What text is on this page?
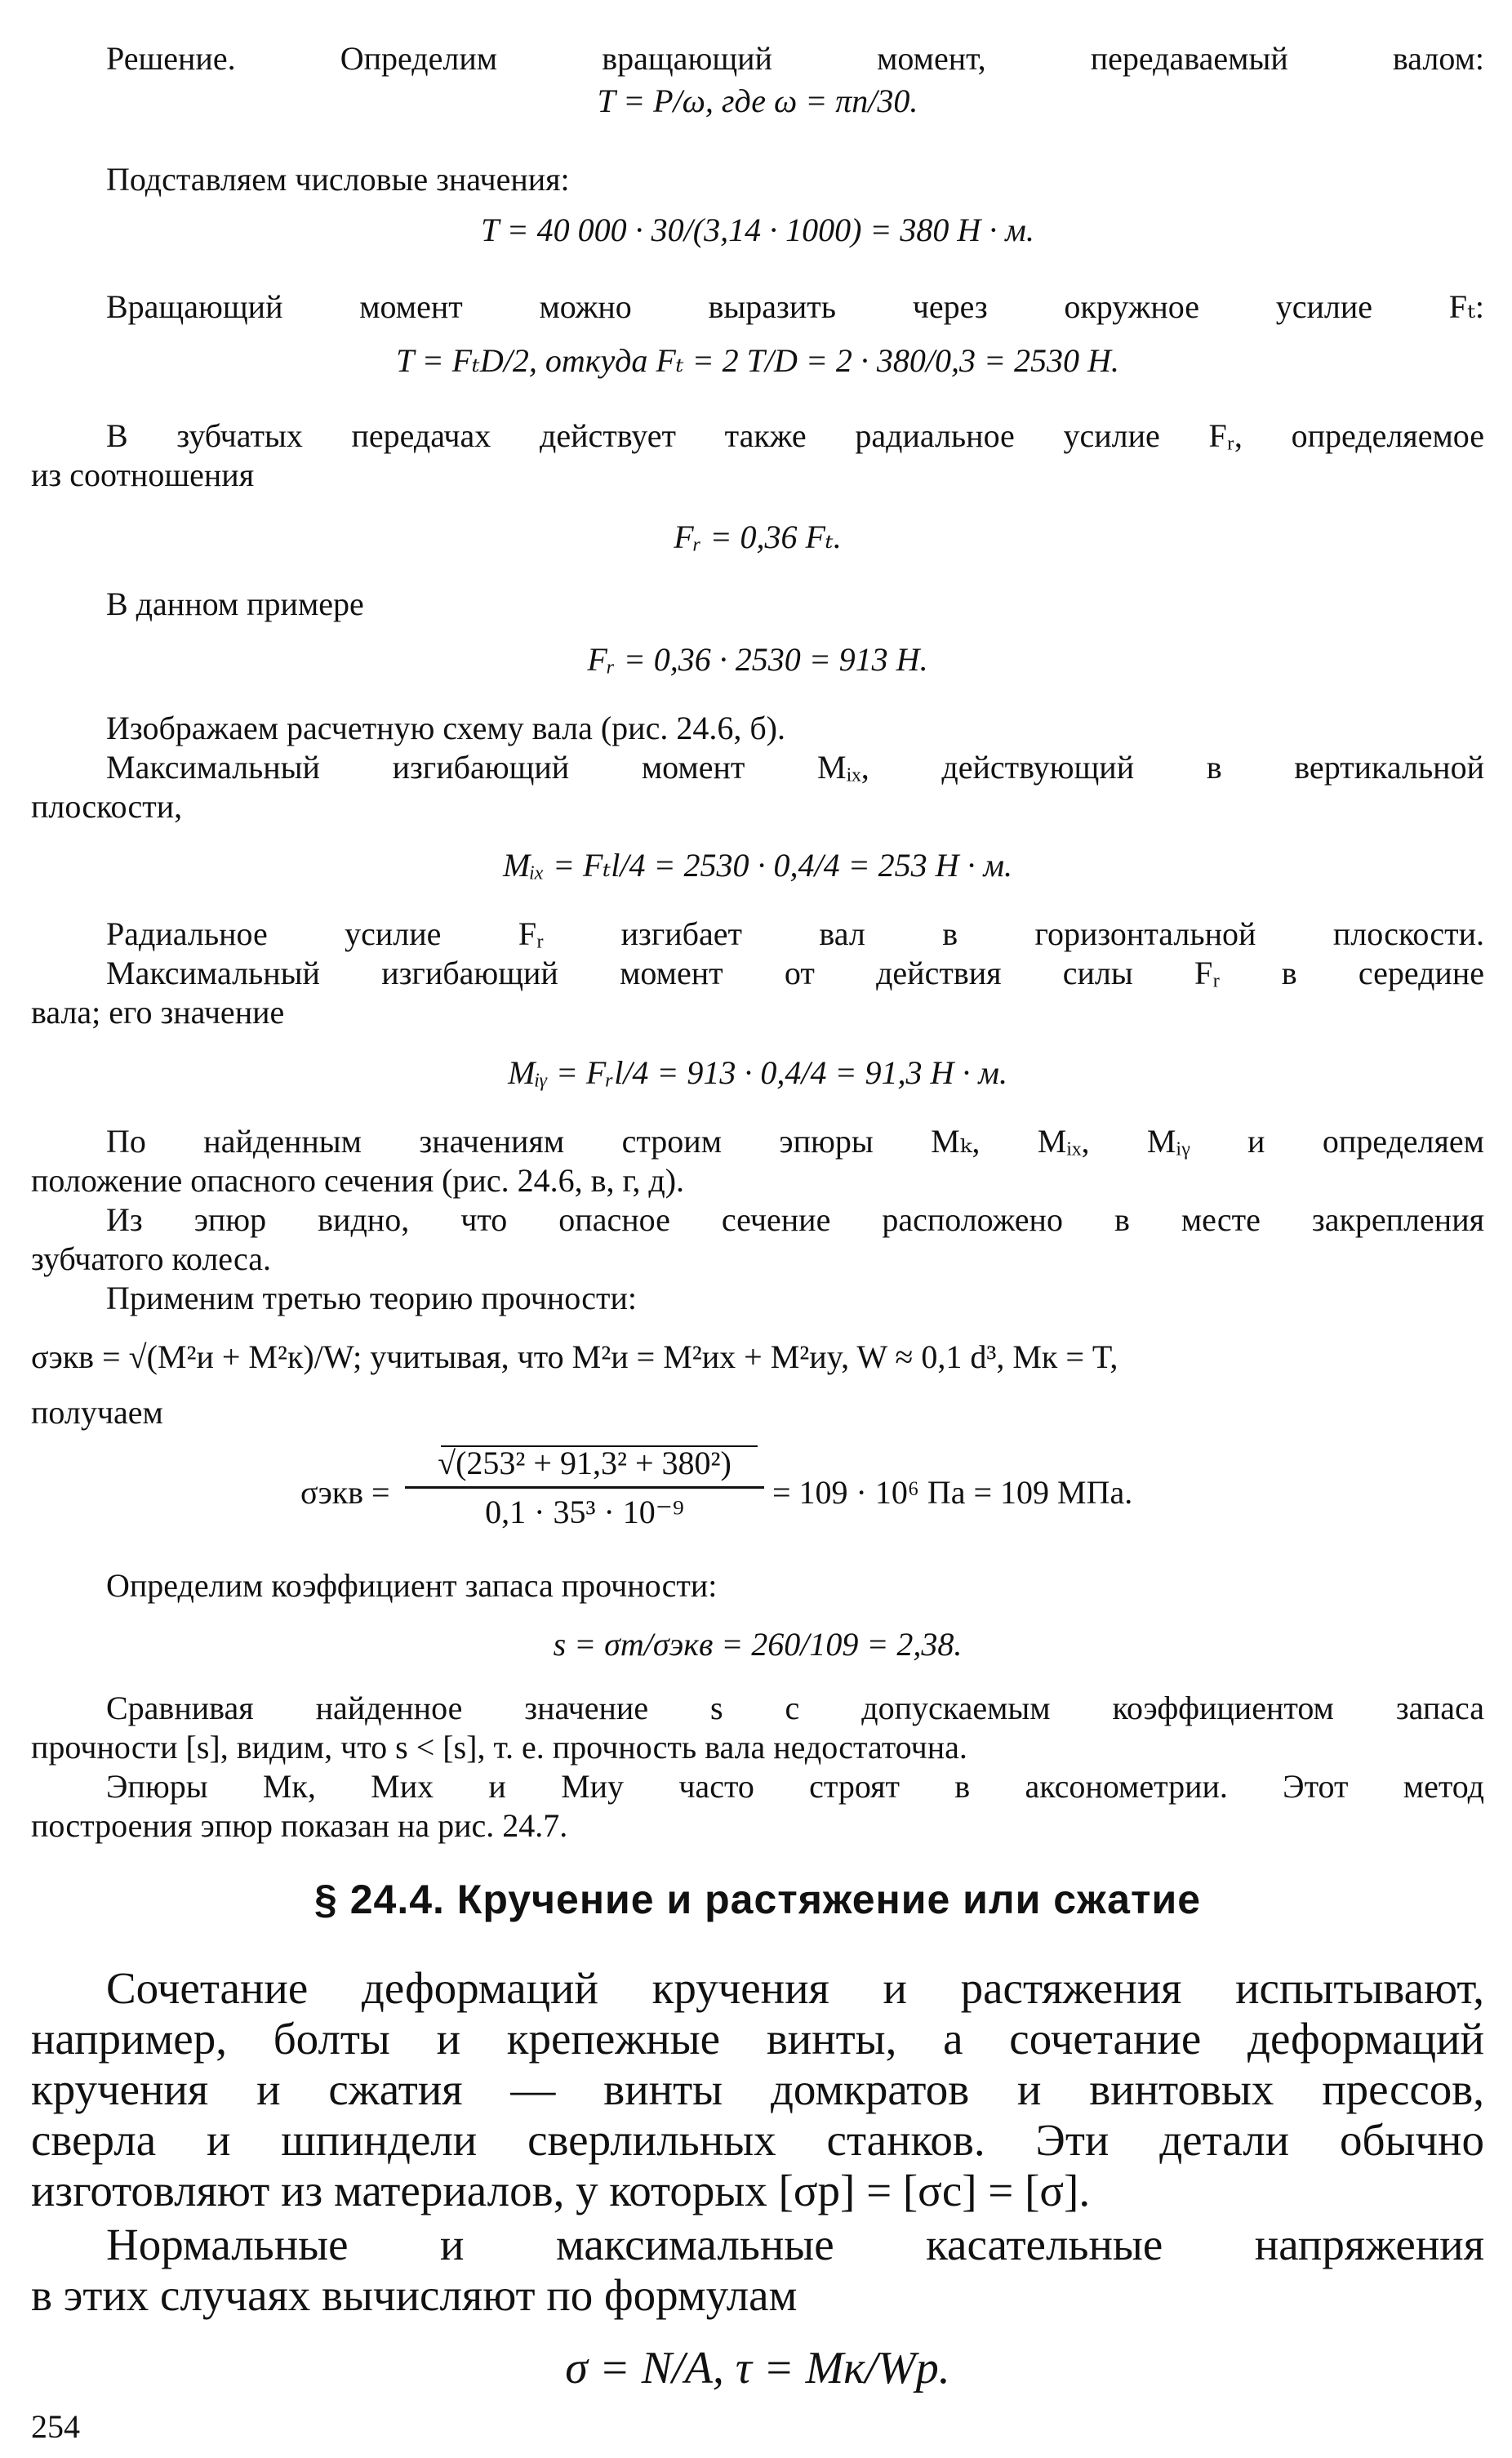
Решение. Определим вращающий момент, передаваемый валом:
T = P/ω, где ω = πn/30.
Подставляем числовые значения:
T = 40 000 · 30/(3,14 · 1000) = 380 Н · м.
Вращающий момент можно выразить через окружное усилие Fₜ:
T = FₜD/2, откуда Fₜ = 2 T/D = 2 · 380/0,3 = 2530 Н.
В зубчатых передачах действует также радиальное усилие Fᵣ, определяемое
из соотношения
Fᵣ = 0,36 Fₜ.
В данном примере
Fᵣ = 0,36 · 2530 = 913 Н.
Изображаем расчетную схему вала (рис. 24.6, б).
Максимальный изгибающий момент Mᵢₓ, действующий в вертикальной
плоскости,
Mᵢₓ = Fₜl/4 = 2530 · 0,4/4 = 253 Н · м.
Радиальное усилие Fᵣ изгибает вал в горизонтальной плоскости.
Максимальный изгибающий момент от действия силы Fᵣ в середине
вала; его значение
Mᵢᵧ = Fᵣl/4 = 913 · 0,4/4 = 91,3 Н · м.
По найденным значениям строим эпюры Mₖ, Mᵢₓ, Mᵢᵧ и определяем
положение опасного сечения (рис. 24.6, в, г, д).
Из эпюр видно, что опасное сечение расположено в месте закрепления
зубчатого колеса.
Применим третью теорию прочности:
σэкв = √(M²и + M²к)/W; учитывая, что M²и = M²иx + M²иy, W ≈ 0,1 d³, Mк = T,
получаем
σэкв =
√(253² + 91,3² + 380²)
0,1 · 35³ · 10⁻⁹
= 109 · 10⁶ Па = 109 МПа.
Определим коэффициент запаса прочности:
s = σт/σэкв = 260/109 = 2,38.
Сравнивая найденное значение s с допускаемым коэффициентом запаса
прочности [s], видим, что s < [s], т. е. прочность вала недостаточна.
Эпюры Mк, Mиx и Mиy часто строят в аксонометрии. Этот метод
построения эпюр показан на рис. 24.7.
§ 24.4. Кручение и растяжение или сжатие
Сочетание деформаций кручения и растяжения испытывают,
например, болты и крепежные винты, а сочетание деформаций
кручения и сжатия — винты домкратов и винтовых прессов,
сверла и шпиндели сверлильных станков. Эти детали обычно
изготовляют из материалов, у которых [σр] = [σс] = [σ].
Нормальные и максимальные касательные напряжения
в этих случаях вычисляют по формулам
σ = N/A, τ = Mк/Wp.
254
